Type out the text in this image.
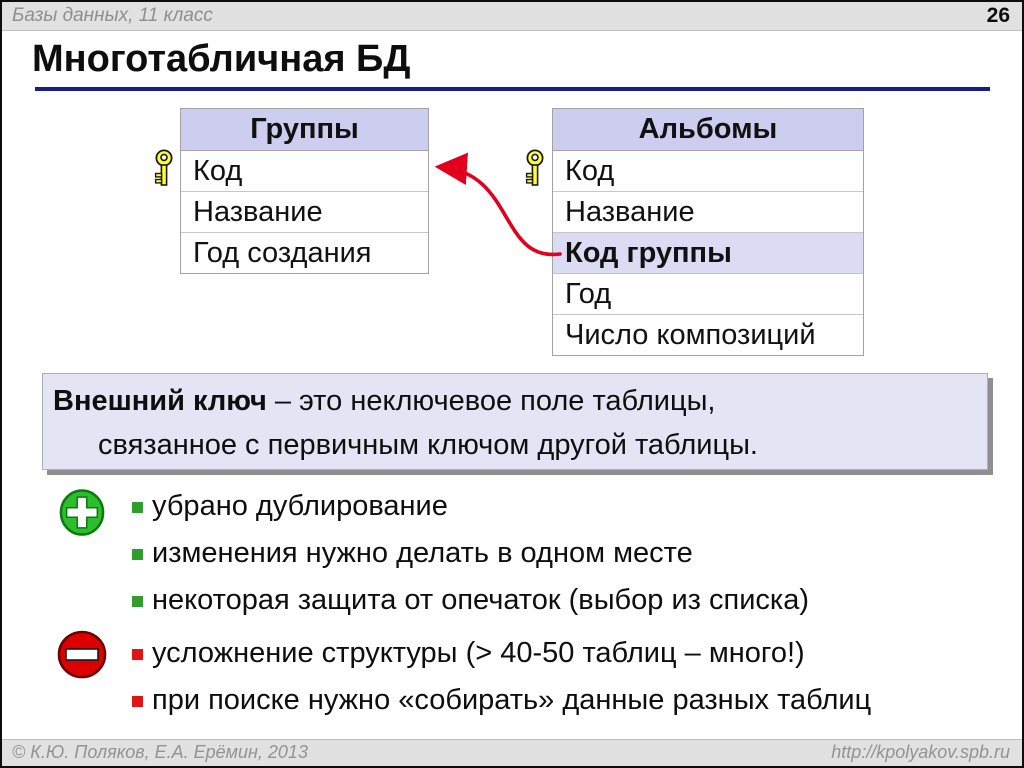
Базы данных, 11 класс	26
Многотабличная БД
Группы
Код
Название
Год создания
Альбомы
Код
Название
Код группы
Год
Число композиций
Внешний ключ – это неключевое поле таблицы,
связанное с первичным ключом другой таблицы.
убрано дублирование
изменения нужно делать в одном месте
некоторая защита от опечаток (выбор из списка)
усложнение структуры (> 40-50 таблиц – много!)
при поиске нужно «собирать» данные разных таблиц
© К.Ю. Поляков, Е.А. Ерёмин, 2013	http://kpolyakov.spb.ru
